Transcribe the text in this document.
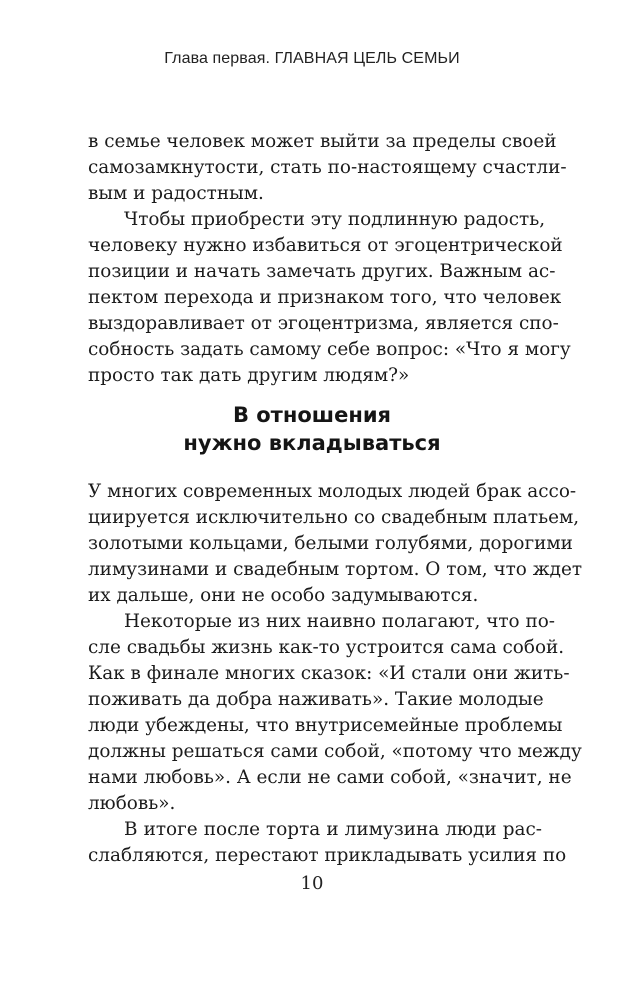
Глава первая. ГЛАВНАЯ ЦЕЛЬ СЕМЬИ
в семье человек может выйти за пределы своей
самозамкнутости, стать по-настоящему счастли-
вым и радостным.
Чтобы приобрести эту подлинную радость,
человеку нужно избавиться от эгоцентрической
позиции и начать замечать других. Важным ас-
пектом перехода и признаком того, что человек
выздоравливает от эгоцентризма, является спо-
собность задать самому себе вопрос: «Что я могу
просто так дать другим людям?»
В отношения
нужно вкладываться
У многих современных молодых людей брак ассо-
циируется исключительно со свадебным платьем,
золотыми кольцами, белыми голубями, дорогими
лимузинами и свадебным тортом. О том, что ждет
их дальше, они не особо задумываются.
Некоторые из них наивно полагают, что по-
сле свадьбы жизнь как-то устроится сама собой.
Как в финале многих сказок: «И стали они жить-
поживать да добра наживать». Такие молодые
люди убеждены, что внутрисемейные проблемы
должны решаться сами собой, «потому что между
нами любовь». А если не сами собой, «значит, не
любовь».
В итоге после торта и лимузина люди рас-
слабляются, перестают прикладывать усилия по
10
